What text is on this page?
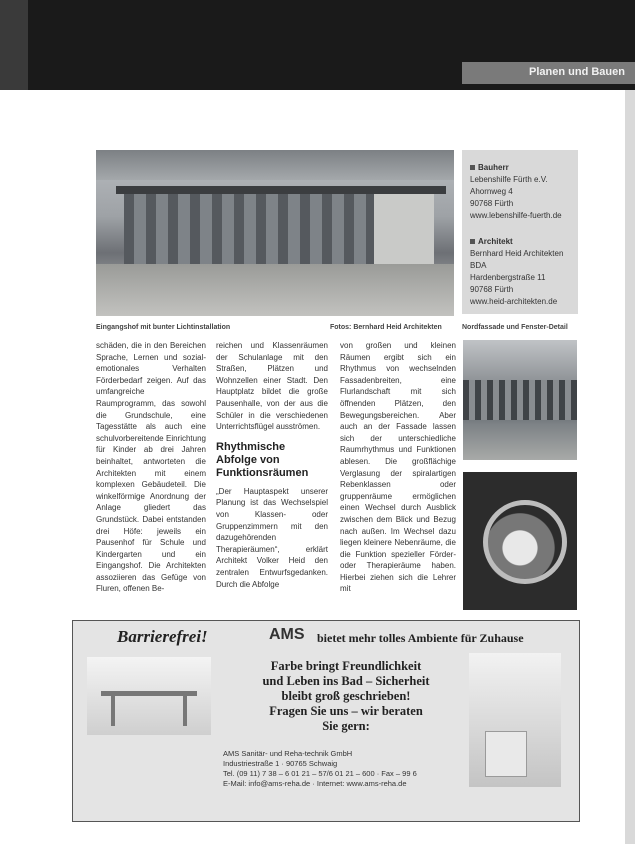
Planen und Bauen
Bauherr
Lebenshilfe Fürth e.V.
Ahornweg 4
90768 Fürth
www.lebenshilfe-fuerth.de
Architekt
Bernhard Heid Architekten
BDA
Hardenbergstraße 11
90768 Fürth
www.heid-architekten.de
Eingangshof mit bunter Lichtinstallation	Fotos: Bernhard Heid Architekten	Nordfassade und Fenster-Detail

schäden, die in den Bereichen Sprache, Lernen und sozial-emotionales Verhalten Förderbedarf zeigen. Auf das umfangreiche Raumprogramm, das sowohl die Grundschule, eine Tagesstätte als auch eine schulvorbereitende Einrichtung für Kinder ab drei Jahren beinhaltet, antworteten die Architekten mit einem komplexen Gebäudeteil. Die winkelförmige Anordnung der Anlage gliedert das Grundstück. Dabei entstanden drei Höfe: jeweils ein Pausenhof für Schule und Kindergarten und ein Eingangshof. Die Architekten assoziieren das Gefüge von Fluren, offenen Be-

reichen und Klassenräumen der Schulanlage mit den Straßen, Plätzen und Wohnzellen einer Stadt. Den Hauptplatz bildet die große Pausenhalle, von der aus die Schüler in die verschiedenen Unterrichtsflügel ausströmen.

Rhythmische Abfolge von Funktionsräumen

„Der Hauptaspekt unserer Planung ist das Wechselspiel von Klassen- oder Gruppenzimmern mit den dazugehörenden Therapieräumen“, erklärt Architekt Volker Heid den zentralen Entwurfsgedanken. Durch die Abfolge

von großen und kleinen Räumen ergibt sich ein Rhythmus von wechselnden Fassadenbreiten, eine Flurlandschaft mit sich öffnenden Plätzen, den Bewegungsbereichen. Aber auch an der Fassade lassen sich der unterschiedliche Raumrhythmus und Funktionen ablesen. Die großflächige Verglasung der spiralartigen Rebenklassen oder gruppenräume ermöglichen einen Wechsel durch Ausblick zwischen dem Blick und Bezug nach außen. Im Wechsel dazu liegen kleinere Nebenräume, die die Funktion spezieller Förder- oder Therapieräume haben. Hierbei ziehen sich die Lehrer mit

Barrierefrei!	AMS bietet mehr tolles Ambiente für Zuhause
Farbe bringt Freundlichkeit
und Leben ins Bad – Sicherheit
bleibt groß geschrieben!
Fragen Sie uns – wir beraten
Sie gern:
AMS Sanitär- und Reha-technik GmbH
Industriestraße 1 · 90765 Schwaig
Tel. (09 11) 7 38 – 6 01 21 – 57/6 01 21 – 600 · Fax – 99 6
E-Mail: info@ams-reha.de · Internet: www.ams-reha.de
